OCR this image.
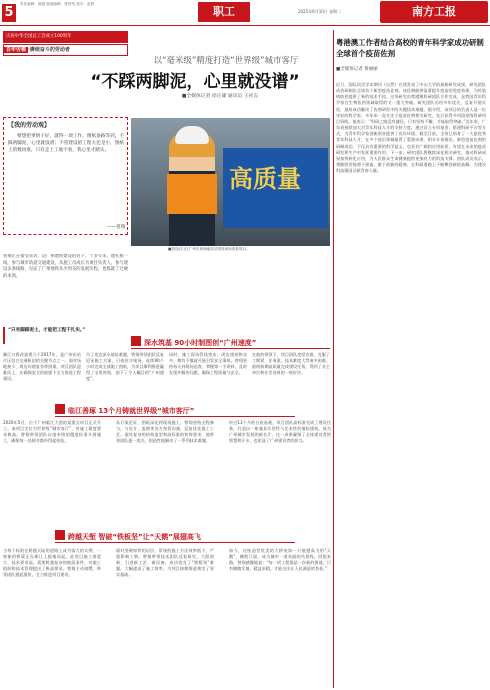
5
责任编辑：黄丽 版面编辑：张珂茂 校对：赵婷
职工	2025年6月10日 星期二	南方工报
庆祝中华全国总工会成立100周年
百年劳模 ·赓续奋斗的劳动者
以“毫米级”精度打造“世界级”城市客厅
“不踩两脚泥，心里就没谱”
■全媒体记者 徐庄庸 通讯员 王祥志
【我的劳动观】
要想把事情干好，就得一项工作、图纸条路等到，不踩两脚泥，心里就没谱；不管建设的工程大还是小，图纸上的数再准，只有走上工地不看，我心里才踏实。
——曾翔
高质量
■曾翔(右)在广州市黄埔地铁站建设现场查看项目。
曾翔正在接受采访，是广州地铁建设的骨干。十多年来，他扎根一线，参与城市轨道交通建设，从施工员成长为项目负责人，参与建设多条线路，见证了广州地铁从少到多的发展历程，也练就了过硬的本领。
“只有脚踩泥土，才能把工程干扎实。”
深水筑基 90小时制图创“广州速度”
骤江口将改造建立于2017年，是广州东站片区综合交通枢纽的关键节点之一。面对场地狭小、周边环境复杂等困难，项目团队迎难而上，在确保安全的前提下全力推进工程建设。
为了攻克深水基坑难题，曾翔带领团队反复论证施工方案，日夜驻守现场，连续90个小时完成全部施工图纸，为项目顺利推进赢得了宝贵时间，创下了令人瞩目的“广州速度”。
同时，施工现场管线密布，周边建筑物众多，稍有不慎就可能引发安全事故。曾翔坚持每天到现场巡查，掌握第一手资料，及时发现并解决问题，确保工程质量与安全。
在他的带领下，项目团队攻坚克难，克服了工期紧、任务重、技术难度大等诸多困难，最终如期高质量完成建设任务，得到了业主单位和社会各界的一致好评。
临江善琢 13个月铸就世界级“城市客厅”
2020年5月，位于广州临江大道的某重点项目正式开工。该项目定位为世界级“城市客厅”，对施工精度要求极高。曾翔带领团队以毫米级的精度标准开展施工，确保每一处细节都经得起检验。
从方案论证、图纸深化到现场施工，曾翔坚持全程参与，与设计、监理等各方密切沟通，反复优化施工工艺。面对复杂的结构造型和高标准的装饰要求，他带领团队逐一攻关，创造性地解决了一系列技术难题。
经过13个月的日夜奋战，项目团队高标准完成了建设任务，打造出一座兼具实用性与艺术性的地标建筑，成为广州城市发展的新名片。这一成果凝聚了全体建设者的智慧和汗水，也彰显了广州建设者的担当。
跨越天堑 智破“铁板坚”让“天鹅”展翅高飞
当每个标的在跨越天险的道路上成为客大的实例，一座新的桥梁正在珠江上拔地而起。此项目施工难度大、技术要求高，需要跨越复杂的地质条件，对施工组织和技术管理提出了极高要求。曾翔主动请缨，带领团队挑起重担，全力推进项目建设。
面对坚硬如铁的岩层，常规的施工方法效率低下，严重影响工期。曾翔带领技术团队反复研究，大胆创新，引进新工艺、新设备，成功攻克了“铁板坚”难题，大幅提高了施工效率，为项目按期推进奠定了坚实基础。
如今，这座造型优美的大桥宛如一只展翅高飞的“天鹅”，横跨江面，成为城市一道亮丽的风景线。回望来路，曾翔感慨地说：“每一项工程都是一次新的挑战，只有脚踏实地、精益求精，才能交出让人民满意的答卷。”
粤港澳工作者结合高校的青年科学家成功研制全球首个疫苗佐剂
■全媒体记者 黄丽丽
近日，国际顶尖学术期刊《自然》在线发表了中山大学的最新研究成果，研究团队成功研制出全球首个新型疫苗佐剂。该佐剂能够显著提升疫苗的免疫效果，为传染病防控提供了新的技术手段。这项研究由粤港澳科研团队合作完成，是我国青年科学家在生物医药领域取得的又一重大突破。研究团队历经多年攻关，反复开展实验，最终成功解决了佐剂研发中的关键技术难题。据介绍，该项目的负责人是一位年轻的科学家，多年来一直专注于疫苗佐剂相关研究，先后获得多项国家级科研项目资助。他表示：“科研之路没有捷径，只有坚持不懈，才能取得突破。”近年来，广东省持续加大对青年科技人才的支持力度，通过设立专项基金、搭建科研平台等方式，为青年科学家创新创业提供了良好环境。截至目前，全省已培育了一大批优秀青年科技人才，在多个前沿领域取得了重要成果。相关专家指出，新型疫苗佐剂的研制成功，不仅具有重要的科学意义，也具有广阔的应用前景，有望在未来的疫苗研发和生产中发挥重要作用。下一步，研究团队将继续深化相关研究，推动科研成果加快转化应用，为人民群众生命健康提供更加有力的科技支撑。团队成员表示，将继续发扬勇于探索、敢于创新的精神，在科研道路上不断攀登新的高峰，为建设科技强国贡献青春力量。
